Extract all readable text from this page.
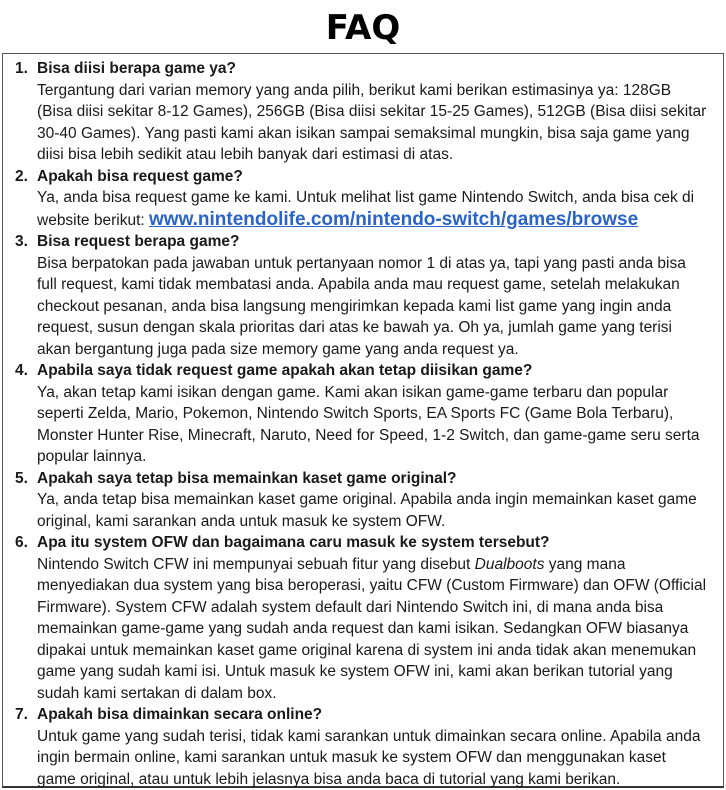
FAQ
1. Bisa diisi berapa game ya?
Tergantung dari varian memory yang anda pilih, berikut kami berikan estimasinya ya: 128GB (Bisa diisi sekitar 8-12 Games), 256GB (Bisa diisi sekitar 15-25 Games), 512GB (Bisa diisi sekitar 30-40 Games). Yang pasti kami akan isikan sampai semaksimal mungkin, bisa saja game yang diisi bisa lebih sedikit atau lebih banyak dari estimasi di atas.
2. Apakah bisa request game?
Ya, anda bisa request game ke kami. Untuk melihat list game Nintendo Switch, anda bisa cek di website berikut: www.nintendolife.com/nintendo-switch/games/browse
3. Bisa request berapa game?
Bisa berpatokan pada jawaban untuk pertanyaan nomor 1 di atas ya, tapi yang pasti anda bisa full request, kami tidak membatasi anda. Apabila anda mau request game, setelah melakukan checkout pesanan, anda bisa langsung mengirimkan kepada kami list game yang ingin anda request, susun dengan skala prioritas dari atas ke bawah ya. Oh ya, jumlah game yang terisi akan bergantung juga pada size memory game yang anda request ya.
4. Apabila saya tidak request game apakah akan tetap diisikan game?
Ya, akan tetap kami isikan dengan game. Kami akan isikan game-game terbaru dan popular seperti Zelda, Mario, Pokemon, Nintendo Switch Sports, EA Sports FC (Game Bola Terbaru), Monster Hunter Rise, Minecraft, Naruto, Need for Speed, 1-2 Switch, dan game-game seru serta popular lainnya.
5. Apakah saya tetap bisa memainkan kaset game original?
Ya, anda tetap bisa memainkan kaset game original. Apabila anda ingin memainkan kaset game original, kami sarankan anda untuk masuk ke system OFW.
6. Apa itu system OFW dan bagaimana caru masuk ke system tersebut?
Nintendo Switch CFW ini mempunyai sebuah fitur yang disebut Dualboots yang mana menyediakan dua system yang bisa beroperasi, yaitu CFW (Custom Firmware) dan OFW (Official Firmware). System CFW adalah system default dari Nintendo Switch ini, di mana anda bisa memainkan game-game yang sudah anda request dan kami isikan. Sedangkan OFW biasanya dipakai untuk memainkan kaset game original karena di system ini anda tidak akan menemukan game yang sudah kami isi. Untuk masuk ke system OFW ini, kami akan berikan tutorial yang sudah kami sertakan di dalam box.
7. Apakah bisa dimainkan secara online?
Untuk game yang sudah terisi, tidak kami sarankan untuk dimainkan secara online. Apabila anda ingin bermain online, kami sarankan untuk masuk ke system OFW dan menggunakan kaset game original, atau untuk lebih jelasnya bisa anda baca di tutorial yang kami berikan.
